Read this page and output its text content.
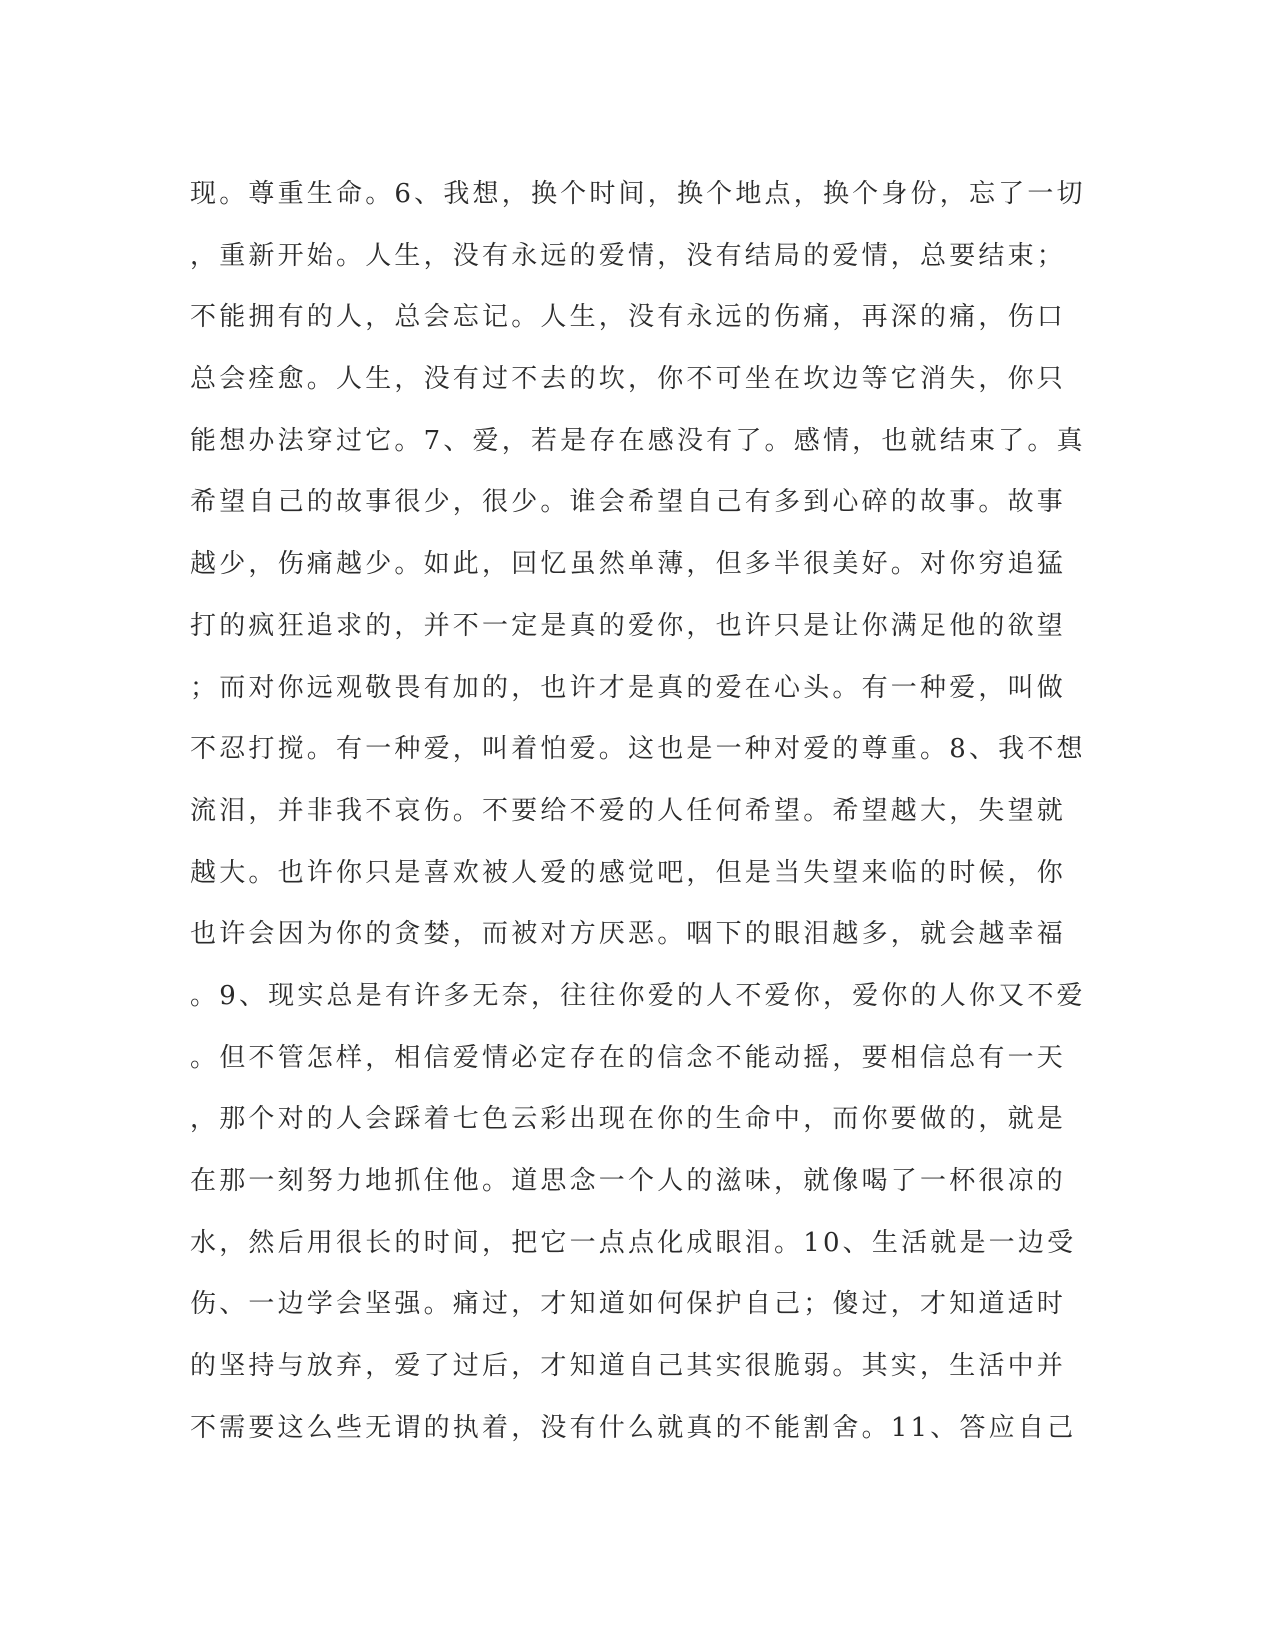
现。尊重生命。6、我想，换个时间，换个地点，换个身份，忘了一切
，重新开始。人生，没有永远的爱情，没有结局的爱情，总要结束；
不能拥有的人，总会忘记。人生，没有永远的伤痛，再深的痛，伤口
总会痊愈。人生，没有过不去的坎，你不可坐在坎边等它消失，你只
能想办法穿过它。7、爱，若是存在感没有了。感情，也就结束了。真
希望自己的故事很少，很少。谁会希望自己有多到心碎的故事。故事
越少，伤痛越少。如此，回忆虽然单薄，但多半很美好。对你穷追猛
打的疯狂追求的，并不一定是真的爱你，也许只是让你满足他的欲望
；而对你远观敬畏有加的，也许才是真的爱在心头。有一种爱，叫做
不忍打搅。有一种爱，叫着怕爱。这也是一种对爱的尊重。8、我不想
流泪，并非我不哀伤。不要给不爱的人任何希望。希望越大，失望就
越大。也许你只是喜欢被人爱的感觉吧，但是当失望来临的时候，你
也许会因为你的贪婪，而被对方厌恶。咽下的眼泪越多，就会越幸福
。9、现实总是有许多无奈，往往你爱的人不爱你，爱你的人你又不爱
。但不管怎样，相信爱情必定存在的信念不能动摇，要相信总有一天
，那个对的人会踩着七色云彩出现在你的生命中，而你要做的，就是
在那一刻努力地抓住他。道思念一个人的滋味，就像喝了一杯很凉的
水，然后用很长的时间，把它一点点化成眼泪。10、生活就是一边受
伤、一边学会坚强。痛过，才知道如何保护自己；傻过，才知道适时
的坚持与放弃，爱了过后，才知道自己其实很脆弱。其实，生活中并
不需要这么些无谓的执着，没有什么就真的不能割舍。11、答应自己
